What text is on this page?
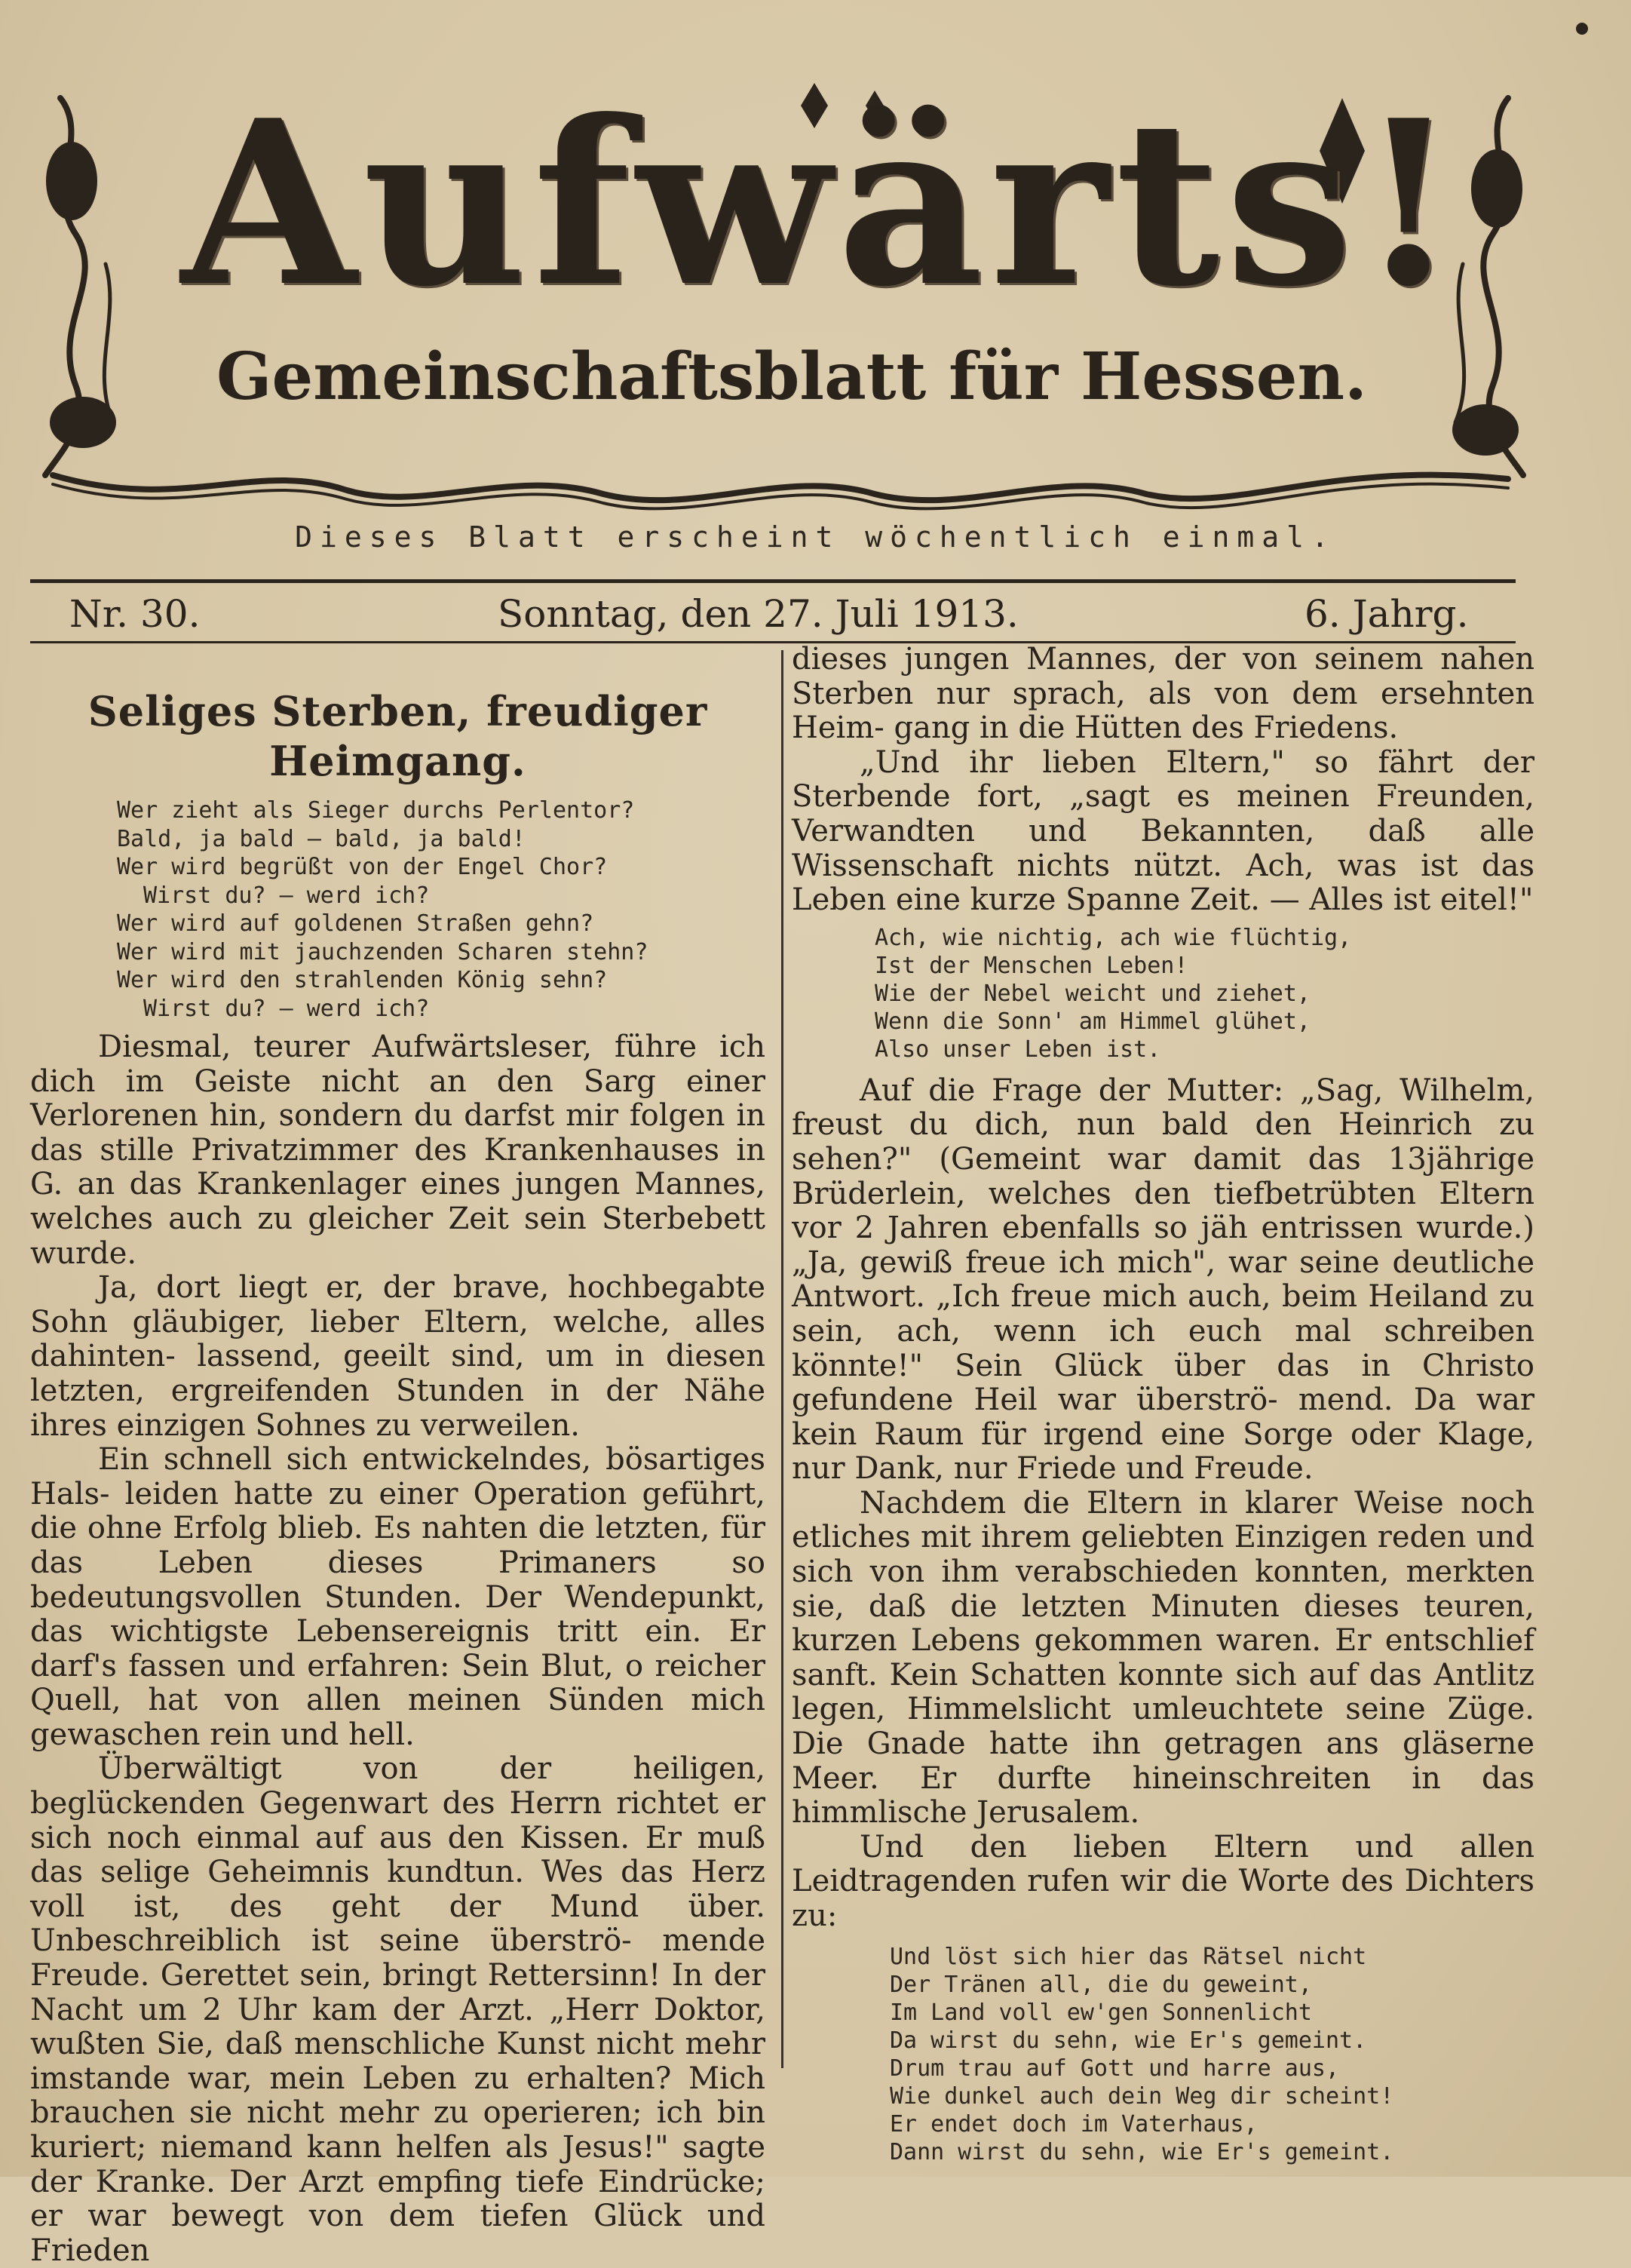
Aufwärts!
Gemeinschaftsblatt für Hessen.
Dieses Blatt erscheint wöchentlich einmal.
Nr. 30.	Sonntag, den 27. Juli 1913.	6. Jahrg.
Seliges Sterben, freudiger Heimgang.

Wer zieht als Sieger durchs Perlentor?

Bald, ja bald — bald, ja bald!

Wer wird begrüßt von der Engel Chor?

Wirst du? — werd ich?

Wer wird auf goldenen Straßen gehn?

Wer wird mit jauchzenden Scharen stehn?

Wer wird den strahlenden König sehn?

Wirst du? — werd ich?

Diesmal, teurer Aufwärtsleser, führe ich dich im Geiste nicht an den Sarg einer Verlorenen hin, sondern du darfst mir folgen in das stille Privatzimmer des Krankenhauses in G. an das Krankenlager eines jungen Mannes, welches auch zu gleicher Zeit sein Sterbebett wurde.

Ja, dort liegt er, der brave, hochbegabte Sohn gläubiger, lieber Eltern, welche, alles dahinten- lassend, geeilt sind, um in diesen letzten, ergreifenden Stunden in der Nähe ihres einzigen Sohnes zu verweilen.

Ein schnell sich entwickelndes, bösartiges Hals- leiden hatte zu einer Operation geführt, die ohne Erfolg blieb. Es nahten die letzten, für das Leben dieses Primaners so bedeutungsvollen Stunden. Der Wendepunkt, das wichtigste Lebensereignis tritt ein. Er darf's fassen und erfahren: Sein Blut, o reicher Quell, hat von allen meinen Sünden mich gewaschen rein und hell.

Überwältigt von der heiligen, beglückenden Gegenwart des Herrn richtet er sich noch einmal auf aus den Kissen. Er muß das selige Geheimnis kundtun. Wes das Herz voll ist, des geht der Mund über. Unbeschreiblich ist seine überströ- mende Freude. Gerettet sein, bringt Rettersinn! In der Nacht um 2 Uhr kam der Arzt. „Herr Doktor, wußten Sie, daß menschliche Kunst nicht mehr imstande war, mein Leben zu erhalten? Mich brauchen sie nicht mehr zu operieren; ich bin kuriert; niemand kann helfen als Jesus!" sagte der Kranke. Der Arzt empfing tiefe Eindrücke; er war bewegt von dem tiefen Glück und Frieden

dieses jungen Mannes, der von seinem nahen Sterben nur sprach, als von dem ersehnten Heim- gang in die Hütten des Friedens.

„Und ihr lieben Eltern," so fährt der Sterbende fort, „sagt es meinen Freunden, Verwandten und Bekannten, daß alle Wissenschaft nichts nützt. Ach, was ist das Leben eine kurze Spanne Zeit. — Alles ist eitel!"

Ach, wie nichtig, ach wie flüchtig,
Ist der Menschen Leben!
Wie der Nebel weicht und ziehet,
Wenn die Sonn' am Himmel glühet,
Also unser Leben ist.

Auf die Frage der Mutter: „Sag, Wilhelm, freust du dich, nun bald den Heinrich zu sehen?" (Gemeint war damit das 13jährige Brüderlein, welches den tiefbetrübten Eltern vor 2 Jahren ebenfalls so jäh entrissen wurde.) „Ja, gewiß freue ich mich", war seine deutliche Antwort. „Ich freue mich auch, beim Heiland zu sein, ach, wenn ich euch mal schreiben könnte!" Sein Glück über das in Christo gefundene Heil war überströ- mend. Da war kein Raum für irgend eine Sorge oder Klage, nur Dank, nur Friede und Freude.

Nachdem die Eltern in klarer Weise noch etliches mit ihrem geliebten Einzigen reden und sich von ihm verabschieden konnten, merkten sie, daß die letzten Minuten dieses teuren, kurzen Lebens gekommen waren. Er entschlief sanft. Kein Schatten konnte sich auf das Antlitz legen, Himmelslicht umleuchtete seine Züge. Die Gnade hatte ihn getragen ans gläserne Meer. Er durfte hineinschreiten in das himmlische Jerusalem.

Und den lieben Eltern und allen Leidtragenden rufen wir die Worte des Dichters zu:

Und löst sich hier das Rätsel nicht
Der Tränen all, die du geweint,
Im Land voll ew'gen Sonnenlicht
Da wirst du sehn, wie Er's gemeint.
Drum trau auf Gott und harre aus,
Wie dunkel auch dein Weg dir scheint!
Er endet doch im Vaterhaus,
Dann wirst du sehn, wie Er's gemeint.
